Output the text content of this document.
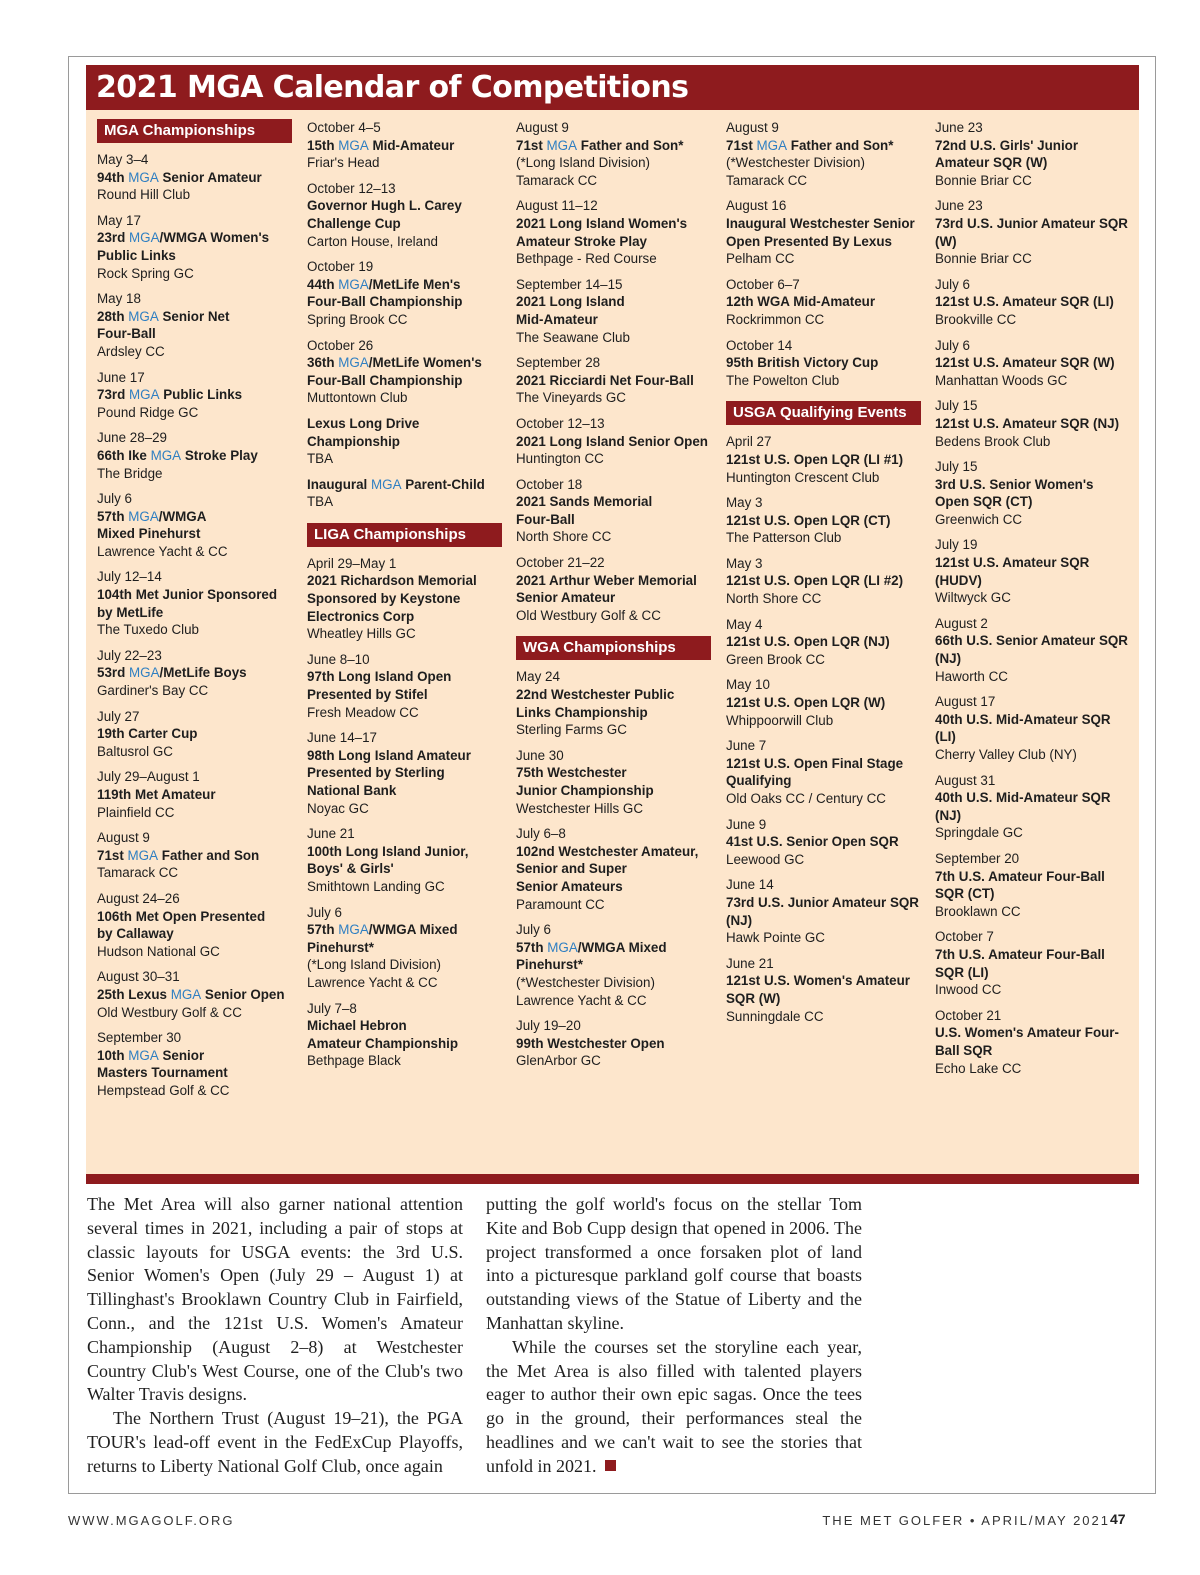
2021 MGA Calendar of Competitions
MGA Championships
May 3–4
94th MGA Senior Amateur
Round Hill Club
May 17
23rd MGA/WMGA Women's
Public Links
Rock Spring GC
May 18
28th MGA Senior Net
Four-Ball
Ardsley CC
June 17
73rd MGA Public Links
Pound Ridge GC
June 28–29
66th Ike MGA Stroke Play
The Bridge
July 6
57th MGA/WMGA
Mixed Pinehurst
Lawrence Yacht & CC
July 12–14
104th Met Junior Sponsored
by MetLife
The Tuxedo Club
July 22–23
53rd MGA/MetLife Boys
Gardiner's Bay CC
July 27
19th Carter Cup
Baltusrol GC
July 29–August 1
119th Met Amateur
Plainfield CC
August 9
71st MGA Father and Son
Tamarack CC
August 24–26
106th Met Open Presented
by Callaway
Hudson National GC
August 30–31
25th Lexus MGA Senior Open
Old Westbury Golf & CC
September 30
10th MGA Senior
Masters Tournament
Hempstead Golf & CC
October 4–5
15th MGA Mid-Amateur
Friar's Head
October 12–13
Governor Hugh L. Carey
Challenge Cup
Carton House, Ireland
October 19
44th MGA/MetLife Men's
Four-Ball Championship
Spring Brook CC
October 26
36th MGA/MetLife Women's
Four-Ball Championship
Muttontown Club
Lexus Long Drive
Championship
TBA
Inaugural MGA Parent-Child
TBA
LIGA Championships
April 29–May 1
2021 Richardson Memorial
Sponsored by Keystone
Electronics Corp
Wheatley Hills GC
June 8–10
97th Long Island Open
Presented by Stifel
Fresh Meadow CC
June 14–17
98th Long Island Amateur
Presented by Sterling
National Bank
Noyac GC
June 21
100th Long Island Junior,
Boys' & Girls'
Smithtown Landing GC
July 6
57th MGA/WMGA Mixed
Pinehurst*
(*Long Island Division)
Lawrence Yacht & CC
July 7–8
Michael Hebron
Amateur Championship
Bethpage Black
August 9
71st MGA Father and Son*
(*Long Island Division)
Tamarack CC
August 11–12
2021 Long Island Women's
Amateur Stroke Play
Bethpage - Red Course
September 14–15
2021 Long Island
Mid-Amateur
The Seawane Club
September 28
2021 Ricciardi Net Four-Ball
The Vineyards GC
October 12–13
2021 Long Island Senior Open
Huntington CC
October 18
2021 Sands Memorial
Four-Ball
North Shore CC
October 21–22
2021 Arthur Weber Memorial
Senior Amateur
Old Westbury Golf & CC
WGA Championships
May 24
22nd Westchester Public
Links Championship
Sterling Farms GC
June 30
75th Westchester
Junior Championship
Westchester Hills GC
July 6–8
102nd Westchester Amateur,
Senior and Super
Senior Amateurs
Paramount CC
July 6
57th MGA/WMGA Mixed
Pinehurst*
(*Westchester Division)
Lawrence Yacht & CC
July 19–20
99th Westchester Open
GlenArbor GC
August 9
71st MGA Father and Son*
(*Westchester Division)
Tamarack CC
August 16
Inaugural Westchester Senior
Open Presented By Lexus
Pelham CC
October 6–7
12th WGA Mid-Amateur
Rockrimmon CC
October 14
95th British Victory Cup
The Powelton Club
USGA Qualifying Events
April 27
121st U.S. Open LQR (LI #1)
Huntington Crescent Club
May 3
121st U.S. Open LQR (CT)
The Patterson Club
May 3
121st U.S. Open LQR (LI #2)
North Shore CC
May 4
121st U.S. Open LQR (NJ)
Green Brook CC
May 10
121st U.S. Open LQR (W)
Whippoorwill Club
June 7
121st U.S. Open Final Stage
Qualifying
Old Oaks CC / Century CC
June 9
41st U.S. Senior Open SQR
Leewood GC
June 14
73rd U.S. Junior Amateur SQR
(NJ)
Hawk Pointe GC
June 21
121st U.S. Women's Amateur
SQR (W)
Sunningdale CC
June 23
72nd U.S. Girls' Junior
Amateur SQR (W)
Bonnie Briar CC
June 23
73rd U.S. Junior Amateur SQR
(W)
Bonnie Briar CC
July 6
121st U.S. Amateur SQR (LI)
Brookville CC
July 6
121st U.S. Amateur SQR (W)
Manhattan Woods GC
July 15
121st U.S. Amateur SQR (NJ)
Bedens Brook Club
July 15
3rd U.S. Senior Women's
Open SQR (CT)
Greenwich CC
July 19
121st U.S. Amateur SQR
(HUDV)
Wiltwyck GC
August 2
66th U.S. Senior Amateur SQR
(NJ)
Haworth CC
August 17
40th U.S. Mid-Amateur SQR
(LI)
Cherry Valley Club (NY)
August 31
40th U.S. Mid-Amateur SQR
(NJ)
Springdale GC
September 20
7th U.S. Amateur Four-Ball
SQR (CT)
Brooklawn CC
October 7
7th U.S. Amateur Four-Ball
SQR (LI)
Inwood CC
October 21
U.S. Women's Amateur Four-
Ball SQR
Echo Lake CC

The Met Area will also garner national attention several times in 2021, including a pair of stops at classic layouts for USGA events: the 3rd U.S. Senior Women's Open (July 29 – August 1) at Tillinghast's Brooklawn Country Club in Fairfield, Conn., and the 121st U.S. Women's Amateur Championship (August 2–8) at Westchester Country Club's West Course, one of the Club's two Walter Travis designs.

The Northern Trust (August 19–21), the PGA TOUR's lead-off event in the FedExCup Playoffs, returns to Liberty National Golf Club, once again

putting the golf world's focus on the stellar Tom Kite and Bob Cupp design that opened in 2006. The project transformed a once forsaken plot of land into a picturesque parkland golf course that boasts outstanding views of the Statue of Liberty and the Manhattan skyline.

While the courses set the storyline each year, the Met Area is also filled with talented players eager to author their own epic sagas. Once the tees go in the ground, their performances steal the headlines and we can't wait to see the stories that unfold in 2021.

WWW.MGAGOLF.ORG	THE MET GOLFER • APRIL/MAY 2021 47
